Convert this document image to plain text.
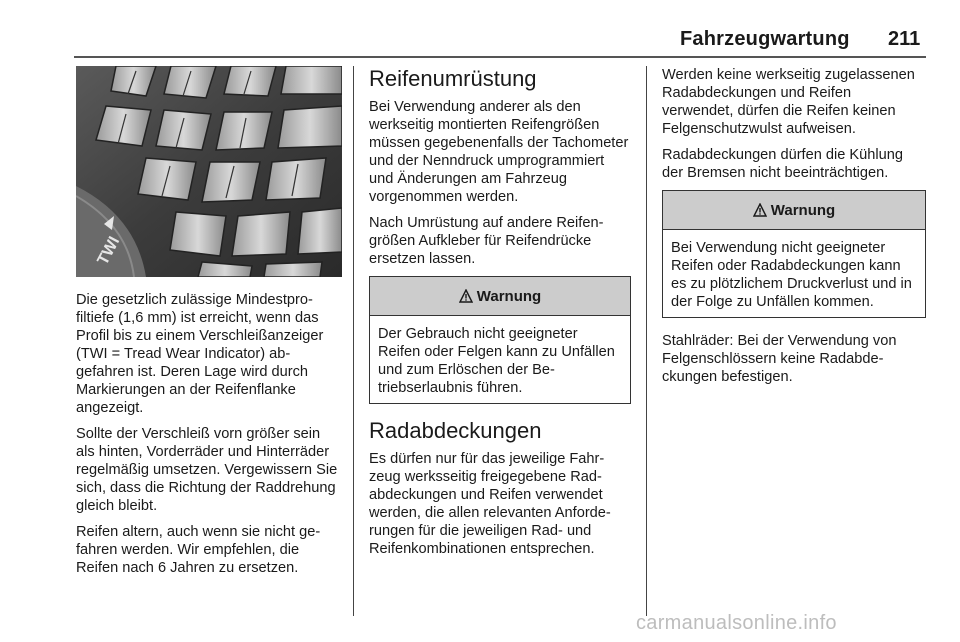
Fahrzeugwartung 211
TWI

Die gesetzlich zulässige Mindestprofiltiefe (1,6 mm) ist erreicht, wenn das Profil bis zu einem Verschleißanzeiger (TWI = Tread Wear Indicator) abgefahren ist. Deren Lage wird durch Markierungen an der Reifenflanke angezeigt.

Sollte der Verschleiß vorn größer sein als hinten, Vorderräder und Hinterräder regelmäßig umsetzen. Vergewissern Sie sich, dass die Richtung der Raddrehung gleich bleibt.

Reifen altern, auch wenn sie nicht gefahren werden. Wir empfehlen, die Reifen nach 6 Jahren zu ersetzen.

Reifenumrüstung

Bei Verwendung anderer als den werkseitig montierten Reifengrößen müssen gegebenenfalls der Tachometer und der Nenndruck umprogrammiert und Änderungen am Fahrzeug vorgenommen werden.

Nach Umrüstung auf andere Reifengrößen Aufkleber für Reifendrücke ersetzen lassen.

Warnung

Der Gebrauch nicht geeigneter Reifen oder Felgen kann zu Unfällen und zum Erlöschen der Betriebserlaubnis führen.

Radabdeckungen

Es dürfen nur für das jeweilige Fahrzeug werksseitig freigegebene Radabdeckungen und Reifen verwendet werden, die allen relevanten Anforderungen für die jeweiligen Rad- und Reifenkombinationen entsprechen.

Werden keine werkseitig zugelassenen Radabdeckungen und Reifen verwendet, dürfen die Reifen keinen Felgenschutzwulst aufweisen.

Radabdeckungen dürfen die Kühlung der Bremsen nicht beeinträchtigen.

Warnung

Bei Verwendung nicht geeigneter Reifen oder Radabdeckungen kann es zu plötzlichem Druckverlust und in der Folge zu Unfällen kommen.

Stahlräder: Bei der Verwendung von Felgenschlössern keine Radabdeckungen befestigen.

carmanualsonline.info
